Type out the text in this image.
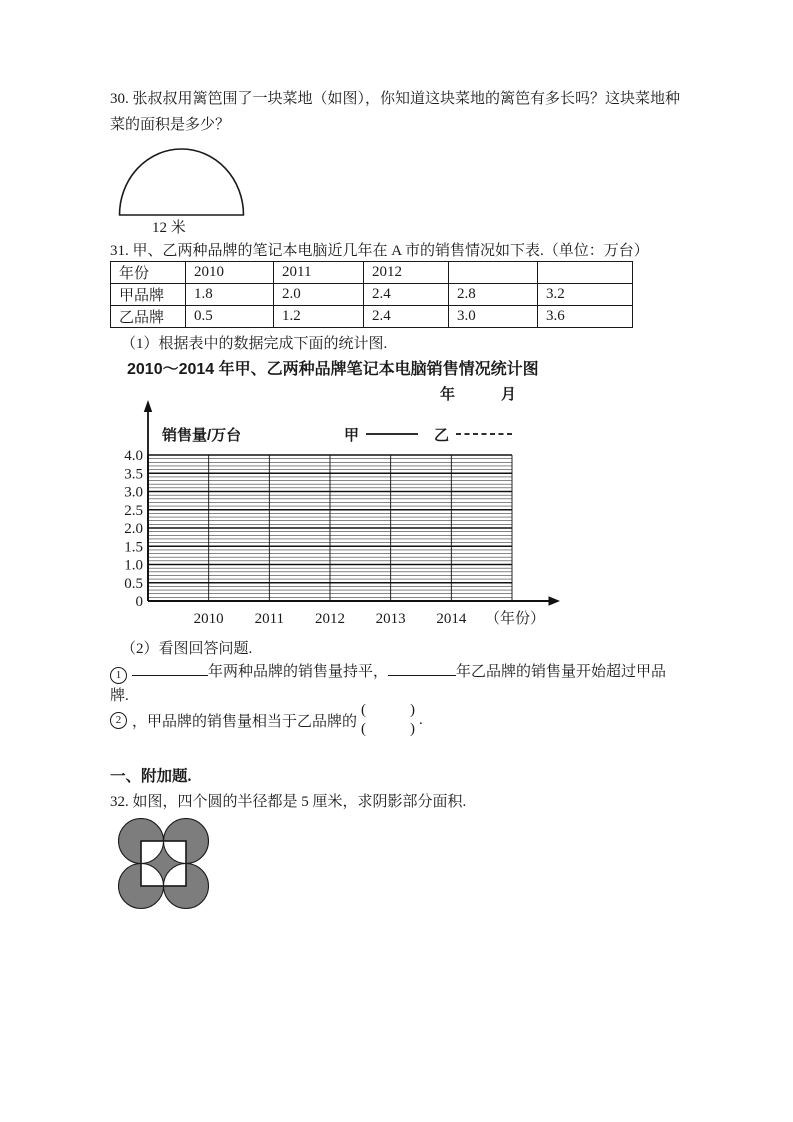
30. 张叔叔用篱笆围了一块菜地（如图），你知道这块菜地的篱笆有多长吗？这块菜地种菜的面积是多少？
12 米
31. 甲、乙两种品牌的笔记本电脑近几年在 A 市的销售情况如下表.（单位：万台）
年份	2010	2011	2012		
甲品牌	1.8	2.0	2.4	2.8	3.2
乙品牌	0.5	1.2	2.4	3.0	3.6
（1）根据表中的数据完成下面的统计图.
2010～2014 年甲、乙两种品牌笔记本电脑销售情况统计图
年	月
销售量/万台	甲	乙
4.0
3.5
3.0
2.5
2.0
1.5
1.0
0.5
0
2010 2011 2012 2013 2014 （年份）
（2）看图回答问题.
1	年两种品牌的销售量持平，	年乙品牌的销售量开始超过甲品
牌.
2 ，甲品牌的销售量相当于乙品牌的
(	)
(	)
.
一、附加题.
32. 如图，四个圆的半径都是 5 厘米，求阴影部分面积.
